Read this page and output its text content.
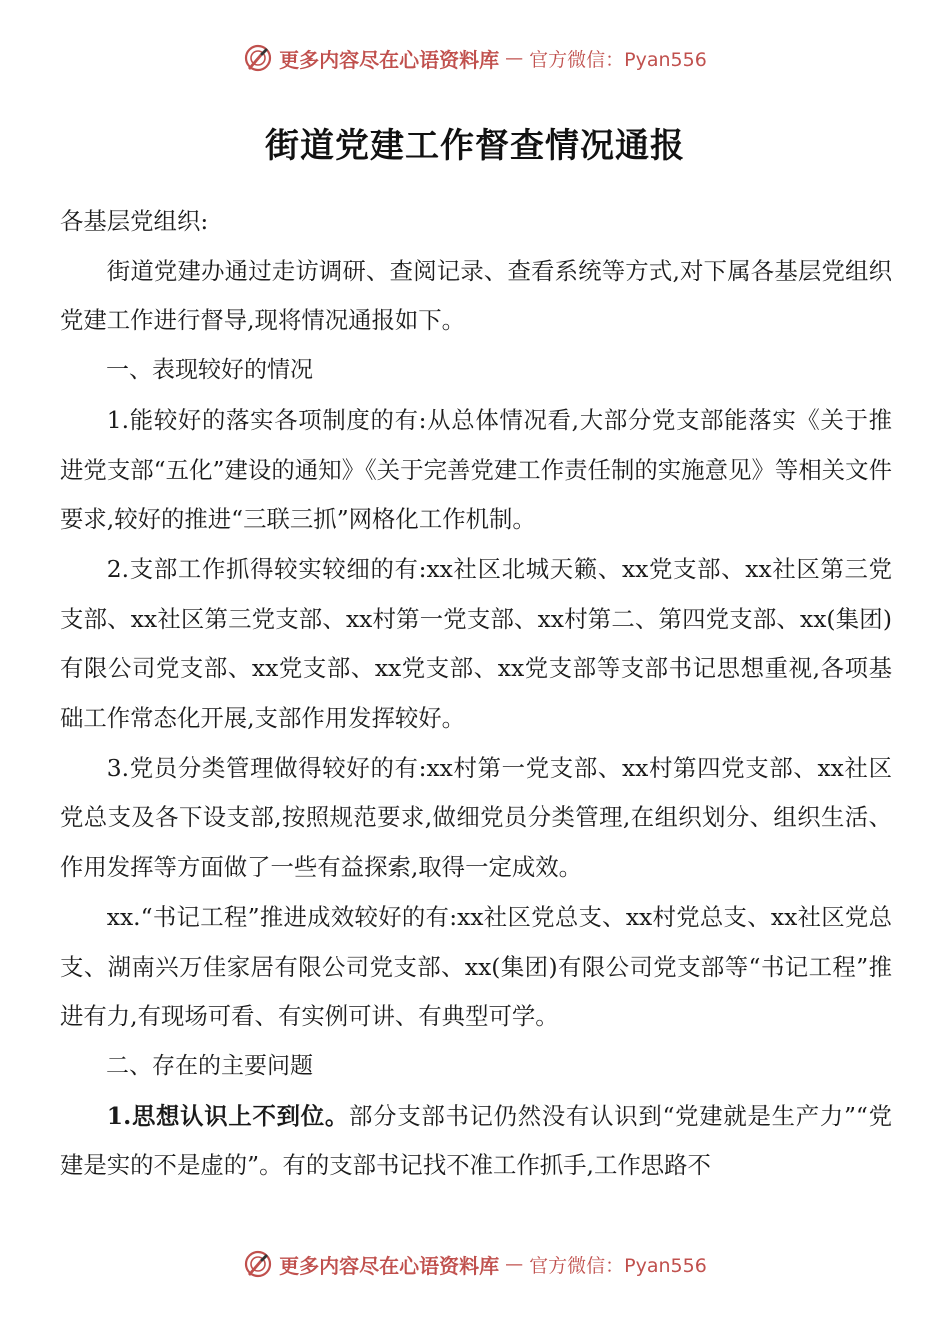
更多内容尽在心语资料库 — 官方微信：Pyan556
街道党建工作督查情况通报

各基层党组织:

街道党建办通过走访调研、查阅记录、查看系统等方式,对下属各基层党组织党建工作进行督导,现将情况通报如下。

一、表现较好的情况

1.能较好的落实各项制度的有:从总体情况看,大部分党支部能落实《关于推进党支部“五化”建设的通知》《关于完善党建工作责任制的实施意见》等相关文件要求,较好的推进“三联三抓”网格化工作机制。

2.支部工作抓得较实较细的有:xx社区北城天籁、xx党支部、xx社区第三党支部、xx社区第三党支部、xx村第一党支部、xx村第二、第四党支部、xx(集团)有限公司党支部、xx党支部、xx党支部、xx党支部等支部书记思想重视,各项基础工作常态化开展,支部作用发挥较好。

3.党员分类管理做得较好的有:xx村第一党支部、xx村第四党支部、xx社区党总支及各下设支部,按照规范要求,做细党员分类管理,在组织划分、组织生活、作用发挥等方面做了一些有益探索,取得一定成效。

xx.“书记工程”推进成效较好的有:xx社区党总支、xx村党总支、xx社区党总支、湖南兴万佳家居有限公司党支部、xx(集团)有限公司党支部等“书记工程”推进有力,有现场可看、有实例可讲、有典型可学。

二、存在的主要问题

1.思想认识上不到位。部分支部书记仍然没有认识到“党建就是生产力”“党建是实的不是虚的”。有的支部书记找不准工作抓手,工作思路不

更多内容尽在心语资料库 — 官方微信：Pyan556
